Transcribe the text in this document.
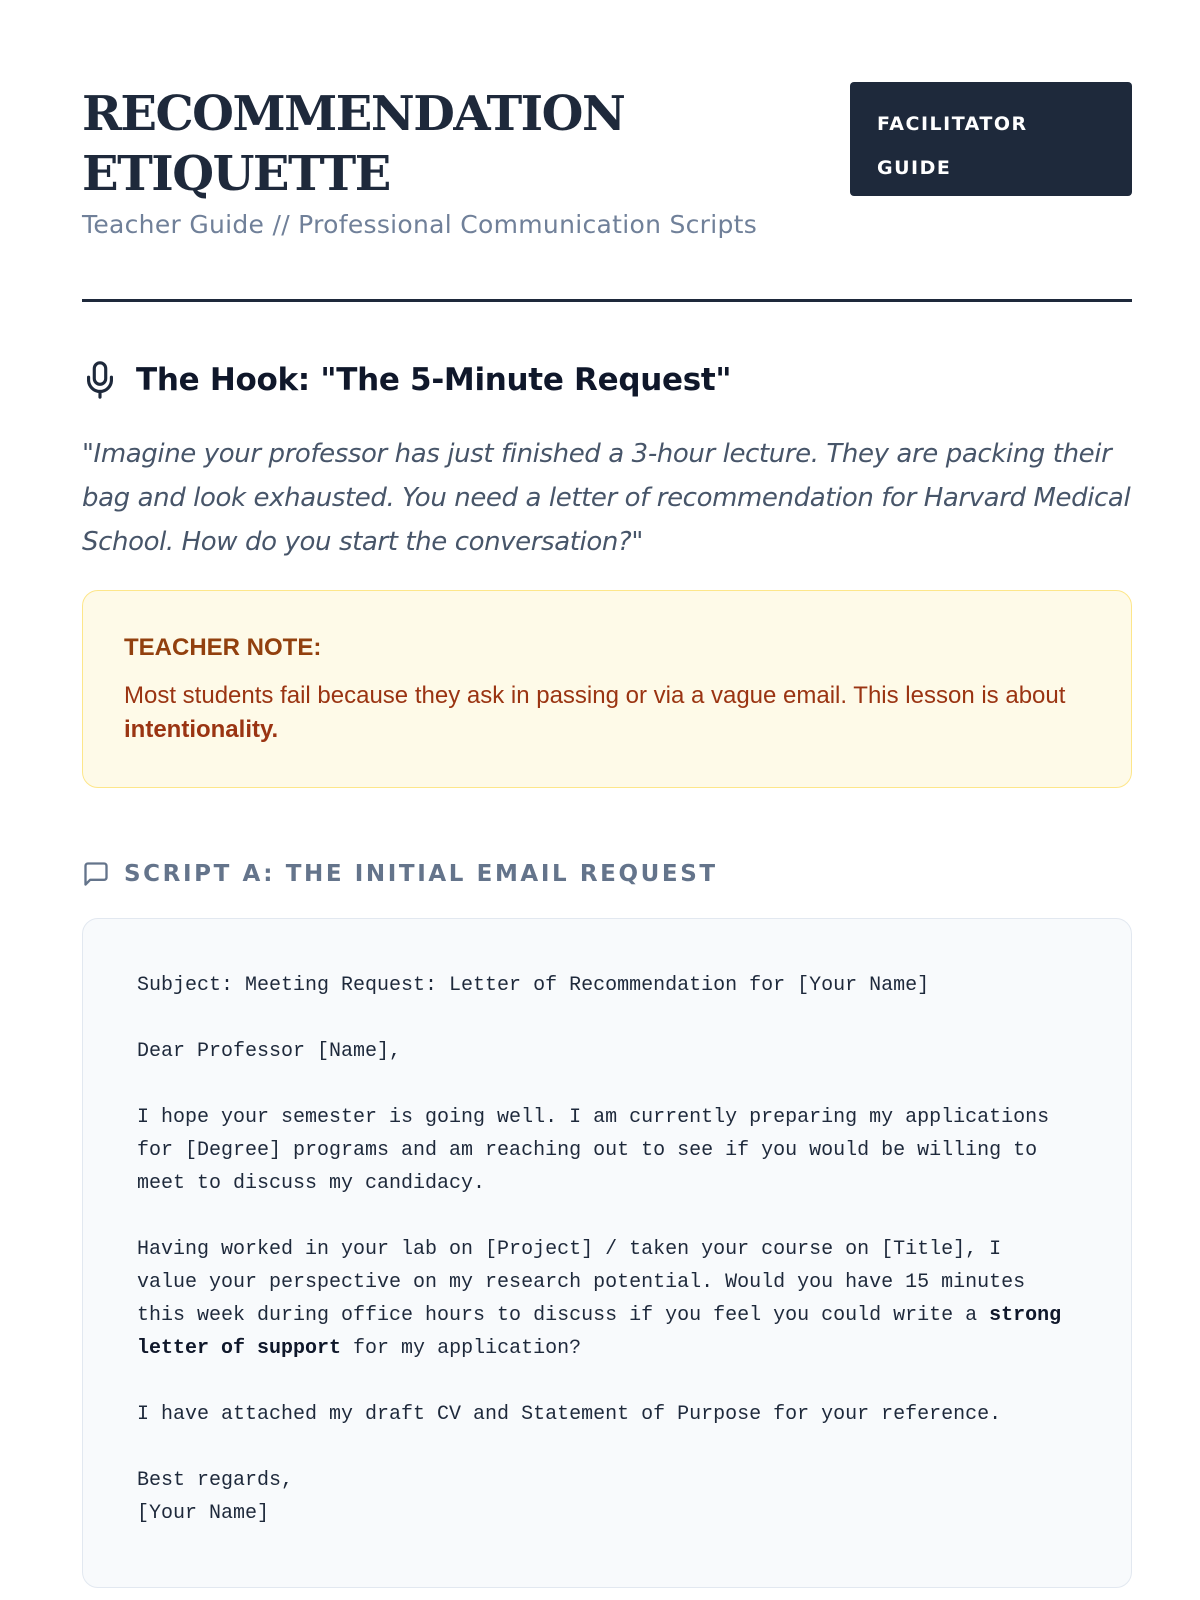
RECOMMENDATION
ETIQUETTE
Teacher Guide // Professional Communication Scripts
FACILITATOR
GUIDE
The Hook: "The 5-Minute Request"

"Imagine your professor has just finished a 3-hour lecture. They are packing their bag and look exhausted. You need a letter of recommendation for Harvard Medical School. How do you start the conversation?"

TEACHER NOTE:
Most students fail because they ask in passing or via a vague email. This lesson is about intentionality.
SCRIPT A: THE INITIAL EMAIL REQUEST
Subject: Meeting Request: Letter of Recommendation for [Your Name]
Dear Professor [Name],
I hope your semester is going well. I am currently preparing my applications
for [Degree] programs and am reaching out to see if you would be willing to
meet to discuss my candidacy.
Having worked in your lab on [Project] / taken your course on [Title], I
value your perspective on my research potential. Would you have 15 minutes
this week during office hours to discuss if you feel you could write a strong
letter of support for my application?
I have attached my draft CV and Statement of Purpose for your reference.
Best regards,
[Your Name]
